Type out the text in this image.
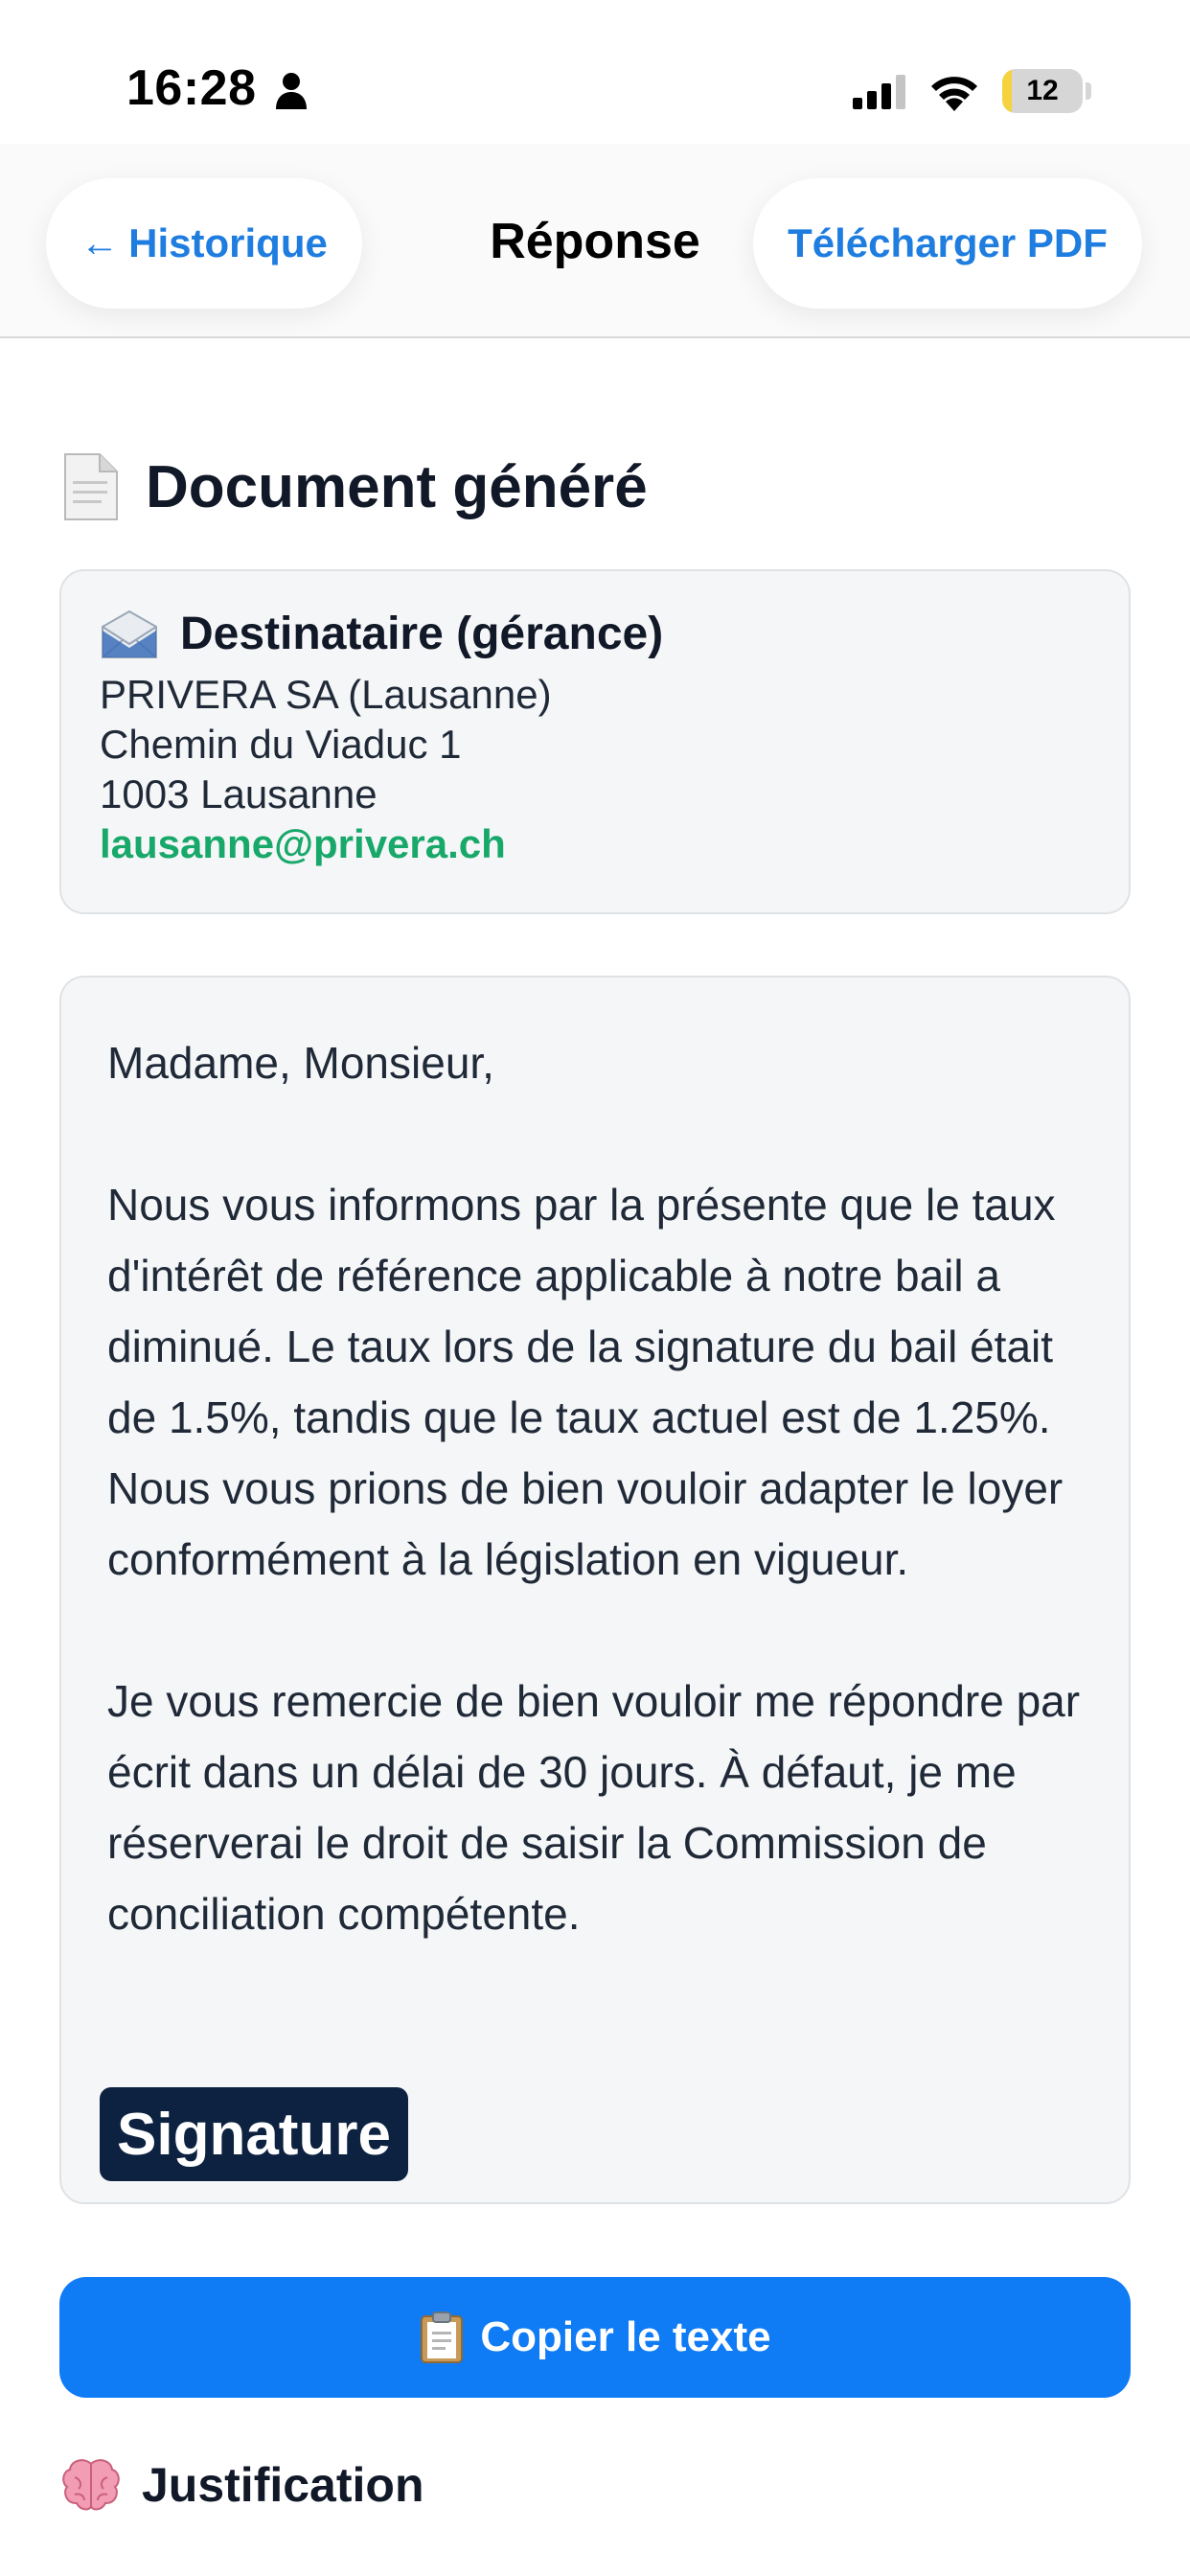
16:28	12
← Historique	Réponse	Télécharger PDF
Document généré
Destinataire (gérance)
PRIVERA SA (Lausanne)
Chemin du Viaduc 1
1003 Lausanne
lausanne@privera.ch

Madame, Monsieur,

Nous vous informons par la présente que le taux d'intérêt de référence applicable à notre bail a diminué. Le taux lors de la signature du bail était de 1.5%, tandis que le taux actuel est de 1.25%. Nous vous prions de bien vouloir adapter le loyer conformément à la législation en vigueur.

Je vous remercie de bien vouloir me répondre par écrit dans un délai de 30 jours. À défaut, je me réserverai le droit de saisir la Commission de conciliation compétente.

Signature
Copier le texte
Justification
